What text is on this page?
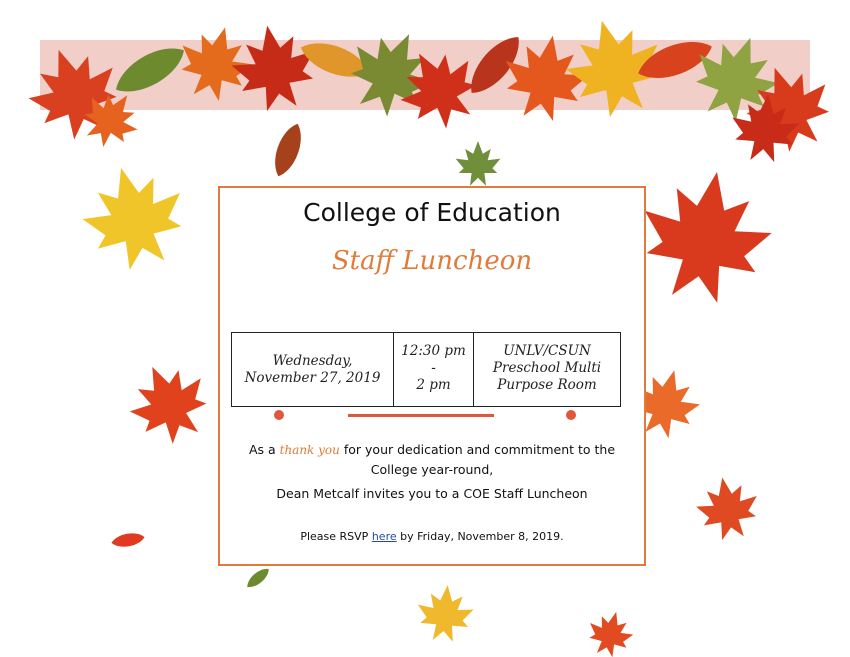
College of Education
Staff Luncheon
Wednesday,
November 27, 2019
12:30 pm
-
2 pm
UNLV/CSUN
Preschool Multi
Purpose Room
As a thank you for your dedication and commitment to the College year-round,
Dean Metcalf invites you to a COE Staff Luncheon
Please RSVP here by Friday, November 8, 2019.
